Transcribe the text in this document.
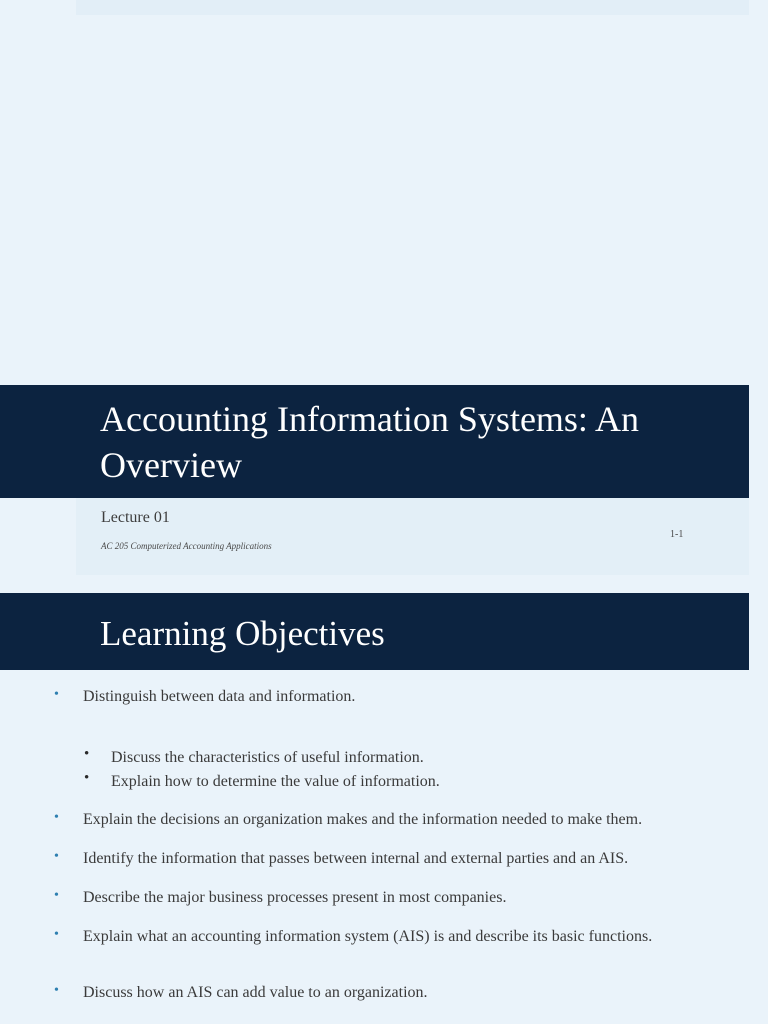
Accounting Information Systems: An Overview
Lecture 01
AC 205 Computerized Accounting Applications
1-1
Learning Objectives
• Distinguish between data and information.
• Discuss the characteristics of useful information.
• Explain how to determine the value of information.
• Explain the decisions an organization makes and the information needed to make them.
• Identify the information that passes between internal and external parties and an AIS.
• Describe the major business processes present in most companies.
• Explain what an accounting information system (AIS) is and describe its basic functions.
• Discuss how an AIS can add value to an organization.
